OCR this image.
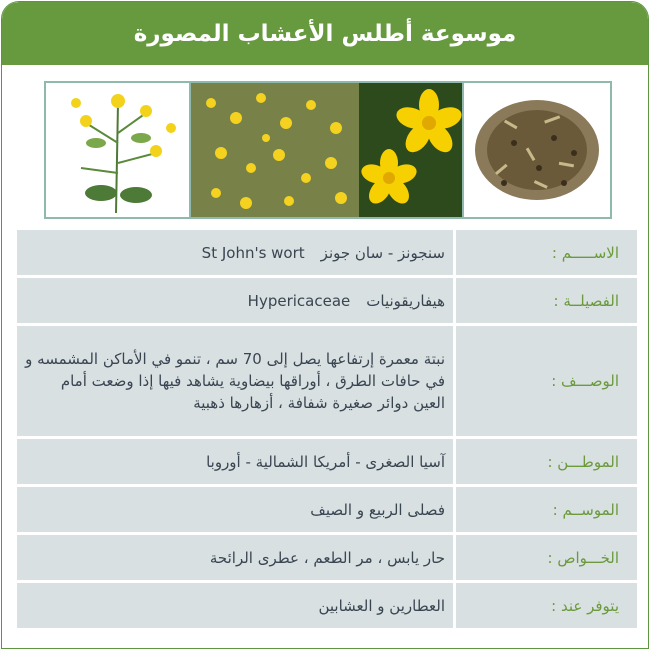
موسوعة أطلس الأعشاب المصورة
الاســـــم :	سنجونز - سان جونزSt John's wort
الفصيلــة :	هيفاريقونياتHypericaceae
الوصـــف :	نبتة معمرة إرتفاعها يصل إلى 70 سم ، تنمو في الأماكن المشمسه و في حافات الطرق ، أوراقها بيضاوية يشاهد فيها إذا وضعت أمام العين دوائر صغيرة شفافة ، أزهارها ذهبية
الموطـــن :	آسيا الصغرى - أمريكا الشمالية - أوروبا
الموســم :	فصلى الربيع و الصيف
الخـــواص :	حار يابس ، مر الطعم ، عطرى الرائحة
يتوفر عند :	العطارين و العشابين
